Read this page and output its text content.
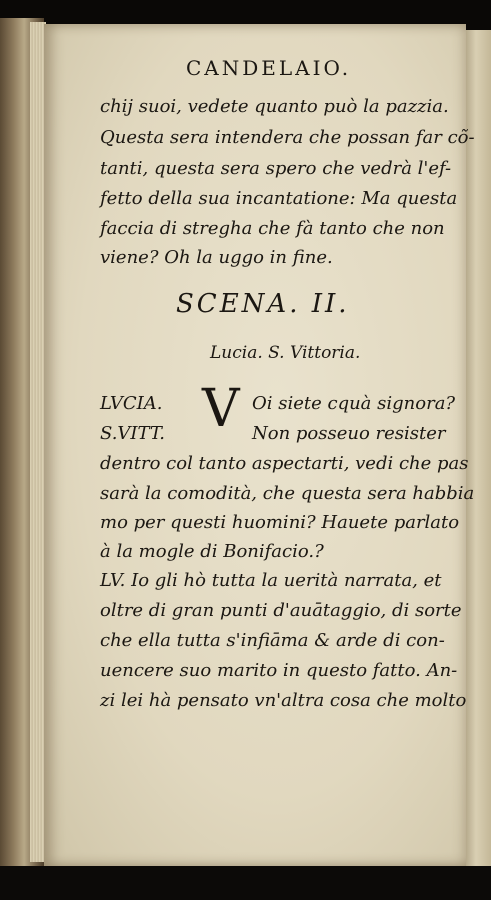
CANDELAIO.
chij suoi, vedete quanto può la pazzia.
Questa sera intendera che possan far cõ-
tanti, questa sera spero che vedrà l'ef-
fetto della sua incantatione: Ma questa
faccia di stregha che fà tanto che non
viene? Oh la uggo in fine.
SCENA. II.
Lucia. S. Vittoria.
LVCIA. V Oi siete cquà signora?
S.VITT.	Non posseuo resister
dentro col tanto aspectarti, vedi che pas
sarà la comodità, che questa sera habbia
mo per questi huomini? Hauete parlato
à la mogle di Bonifacio.?
LV. Io gli hò tutta la uerità narrata, et
oltre di gran punti d'auātaggio, di sorte
che ella tutta s'infiāma & arde di con-
uencere suo marito in questo fatto. An-
zi lei hà pensato vn'altra cosa che molto
